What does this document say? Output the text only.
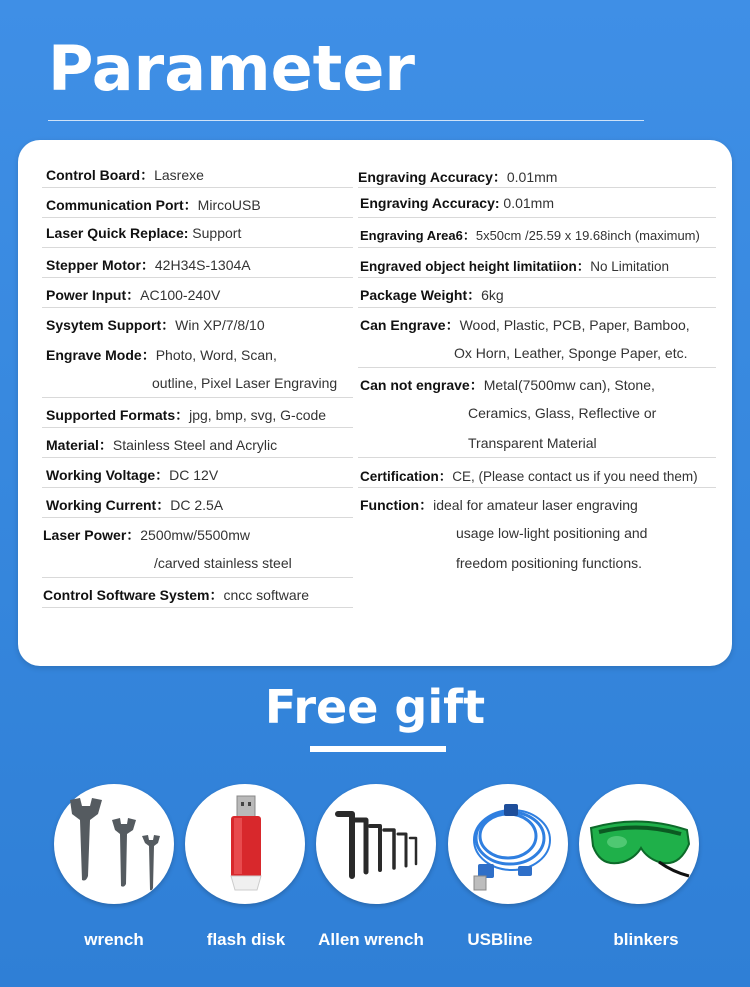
Parameter
Control Board：Lasrexe
Communication Port：MircoUSB
Laser Quick Replace: Support
Stepper Motor：42H34S-1304A
Power Input：AC100-240V
Sysytem Support：Win XP/7/8/10
Engrave Mode：Photo, Word, Scan,
outline, Pixel Laser Engraving
Supported Formats：jpg, bmp, svg, G-code
Material：Stainless Steel and Acrylic
Working Voltage：DC 12V
Working Current：DC 2.5A
Laser Power：2500mw/5500mw
/carved stainless steel
Control Software System：cncc software
Engraving Accuracy：0.01mm
Engraving Accuracy: 0.01mm
Engraving Area6：5x50cm /25.59 x 19.68inch (maximum)
Engraved object height limitatiion：No Limitation
Package Weight：6kg
Can Engrave：Wood, Plastic, PCB, Paper, Bamboo,
Ox Horn, Leather, Sponge Paper, etc.
Can not engrave：Metal(7500mw can), Stone,
Ceramics, Glass, Reflective or
Transparent Material
Certification：CE, (Please contact us if you need them)
Function：ideal for amateur laser engraving
usage low-light positioning and
freedom positioning functions.
Free gift
wrench	flash disk	Allen wrench	USBline	blinkers
